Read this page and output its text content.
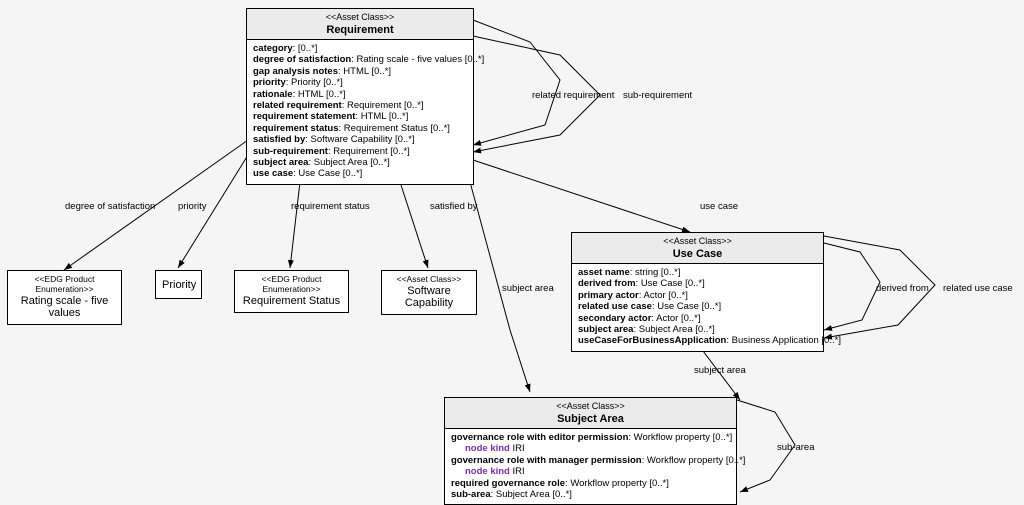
<<Asset Class>>
Requirement
category: [0..*]
degree of satisfaction: Rating scale - five values [0..*]
gap analysis notes: HTML [0..*]
priority: Priority [0..*]
rationale: HTML [0..*]
related requirement: Requirement [0..*]
requirement statement: HTML [0..*]
requirement status: Requirement Status [0..*]
satisfied by: Software Capability [0..*]
sub-requirement: Requirement [0..*]
subject area: Subject Area [0..*]
use case: Use Case [0..*]
<<Asset Class>>
Use Case
asset name: string [0..*]
derived from: Use Case [0..*]
primary actor: Actor [0..*]
related use case: Use Case [0..*]
secondary actor: Actor [0..*]
subject area: Subject Area [0..*]
useCaseForBusinessApplication: Business Application [0..*]
<<Asset Class>>
Subject Area
governance role with editor permission: Workflow property [0..*]
node kind IRI
governance role with manager permission: Workflow property [0..*]
node kind IRI
required governance role: Workflow property [0..*]
sub-area: Subject Area [0..*]
<<EDG Product Enumeration>>
Rating scale - five values
Priority	<<EDG Product Enumeration>>
Requirement Status
<<Asset Class>>
Software Capability
related requirement sub-requirement
degree of satisfaction priority	requirement status	satisfied by	use case
subject area	derived from related use case
subject area
sub-area
